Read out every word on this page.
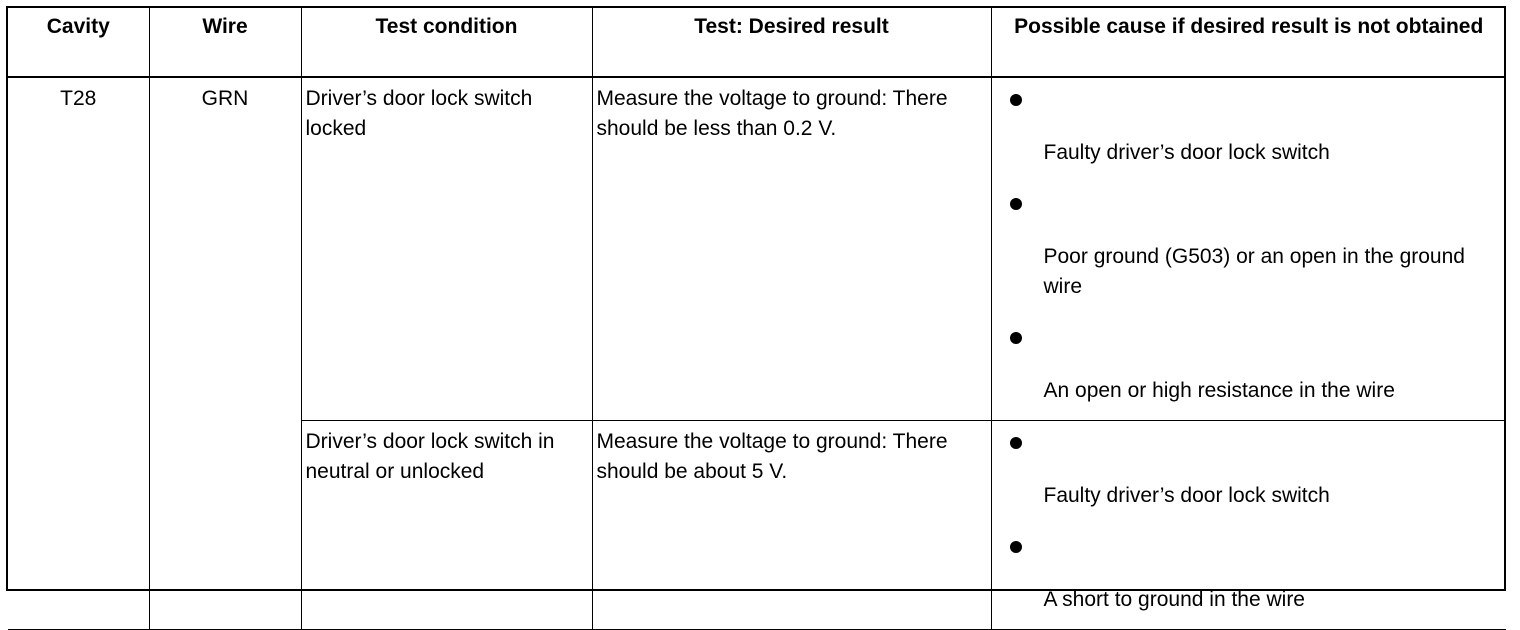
Cavity	Wire	Test condition	Test: Desired result	Possible cause if desired result is not obtained
T28	GRN	Driver’s door lock switch locked	Measure the voltage to ground: There should be less than 0.2 V.	Faulty driver’s door lock switch
Poor ground (G503) or an open in the ground wire
An open or high resistance in the wire

		Driver’s door lock switch in neutral or unlocked	Measure the voltage to ground: There should be about 5 V.	Faulty driver’s door lock switch
A short to ground in the wire
